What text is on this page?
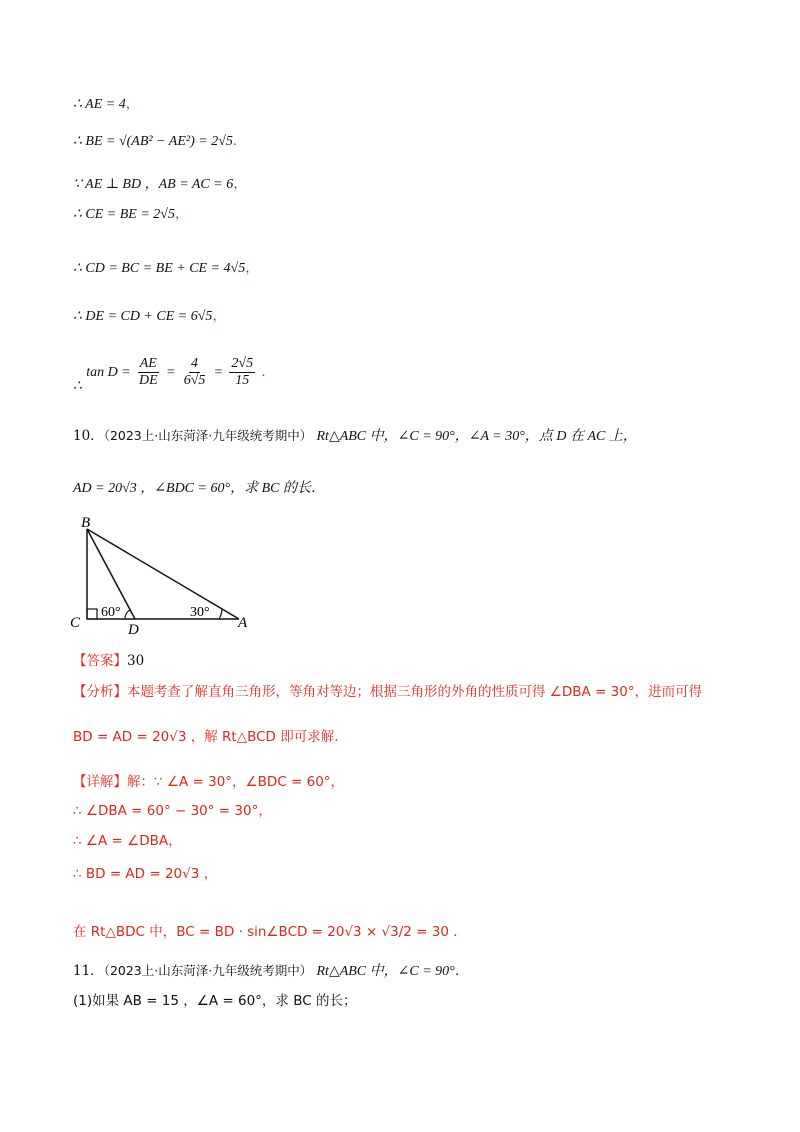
∴ AE = 4，
∴ BE = √(AB² − AE²) = 2√5．
∵ AE ⊥ BD ，AB = AC = 6，
∴ CE = BE = 2√5，
∴ CD = BC = BE + CE = 4√5，
∴ DE = CD + CE = 6√5，
∴ $\tan D = \frac{AE}{DE} = \frac{4}{6√5} = \frac{2√5}{15}$ ．
10．（2023上·山东菏泽·九年级统考期中） Rt△ABC 中，∠C = 90°，∠A = 30°，点 D 在 AC 上，
AD = 20√3 ，∠BDC = 60°，求 BC 的长．
B
C	D	A
60°	30°
【答案】30
【分析】本题考查了解直角三角形，等角对等边；根据三角形的外角的性质可得 ∠DBA = 30°，进而可得
BD = AD = 20√3 ，解 Rt△BCD 即可求解．
【详解】解：∵ ∠A = 30°，∠BDC = 60°，
∴ ∠DBA = 60° − 30° = 30°，
∴ ∠A = ∠DBA，
∴ BD = AD = 20√3 ，
在 Rt△BDC 中，BC = BD · sin∠BCD = 20√3 × √3/2 = 30 ．
11．（2023上·山东菏泽·九年级统考期中） Rt△ABC 中，∠C = 90°．
(1)如果 AB = 15 ，∠A = 60°，求 BC 的长；
